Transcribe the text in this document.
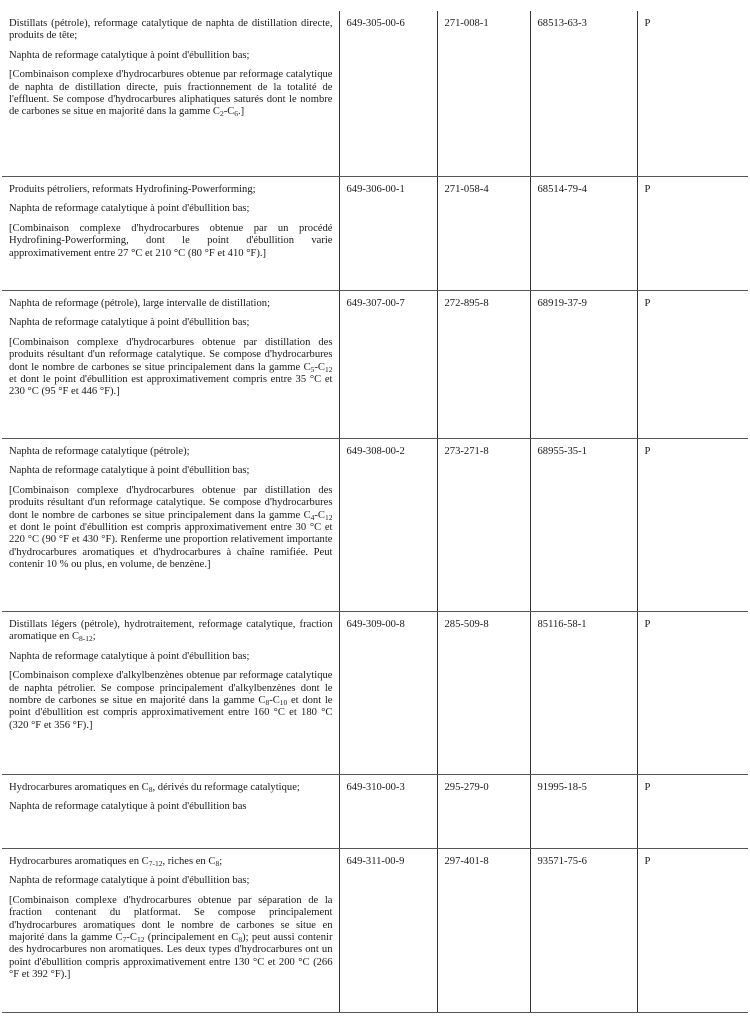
Distillats (pétrole), reformage catalytique de naphta de distillation directe, produits de tête;

Naphta de reformage catalytique à point d'ébullition bas;

[Combinaison complexe d'hydrocarbures obtenue par reformage catalytique de naphta de distillation directe, puis fractionnement de la totalité de l'effluent. Se compose d'hydrocarbures aliphatiques saturés dont le nombre de carbones se situe en majorité dans la gamme $C_2-C_6$.]	649-305-00-6	271-008-1	68513-63-3	P

Produits pétroliers, reformats Hydrofining-Powerforming;

Naphta de reformage catalytique à point d'ébullition bas;

[Combinaison complexe d'hydrocarbures obtenue par un procédé Hydrofining-Powerforming, dont le point d'ébullition varie approximativement entre 27 °C et 210 °C (80 °F et 410 °F).]	649-306-00-1	271-058-4	68514-79-4	P

Naphta de reformage (pétrole), large intervalle de distillation;

Naphta de reformage catalytique à point d'ébullition bas;

[Combinaison complexe d'hydrocarbures obtenue par distillation des produits résultant d'un reformage catalytique. Se compose d'hydrocarbures dont le nombre de carbones se situe principalement dans la gamme $C_5-C_{12}$ et dont le point d'ébullition est approximativement compris entre 35 °C et 230 °C (95 °F et 446 °F).]	649-307-00-7	272-895-8	68919-37-9	P

Naphta de reformage catalytique (pétrole);

Naphta de reformage catalytique à point d'ébullition bas;

[Combinaison complexe d'hydrocarbures obtenue par distillation des produits résultant d'un reformage catalytique. Se compose d'hydrocarbures dont le nombre de carbones se situe principalement dans la gamme $C_4-C_{12}$ et dont le point d'ébullition est compris approximativement entre 30 °C et 220 °C (90 °F et 430 °F). Renferme une proportion relativement importante d'hydrocarbures aromatiques et d'hydrocarbures à chaîne ramifiée. Peut contenir 10 % ou plus, en volume, de benzène.]	649-308-00-2	273-271-8	68955-35-1	P

Distillats légers (pétrole), hydrotraitement, reformage catalytique, fraction aromatique en $C_{8-12}$;

Naphta de reformage catalytique à point d'ébullition bas;

[Combinaison complexe d'alkylbenzènes obtenue par reformage catalytique de naphta pétrolier. Se compose principalement d'alkylbenzènes dont le nombre de carbones se situe en majorité dans la gamme $C_8-C_{10}$ et dont le point d'ébullition est compris approximativement entre 160 °C et 180 °C (320 °F et 356 °F).]	649-309-00-8	285-509-8	85116-58-1	P

Hydrocarbures aromatiques en $C_8$, dérivés du reformage catalytique;

Naphta de reformage catalytique à point d'ébullition bas	649-310-00-3	295-279-0	91995-18-5	P

Hydrocarbures aromatiques en $C_{7-12}$, riches en $C_8$;

Naphta de reformage catalytique à point d'ébullition bas;

[Combinaison complexe d'hydrocarbures obtenue par séparation de la fraction contenant du platformat. Se compose principalement d'hydrocarbures aromatiques dont le nombre de carbones se situe en majorité dans la gamme $C_7-C_{12}$ (principalement en $C_8$); peut aussi contenir des hydrocarbures non aromatiques. Les deux types d'hydrocarbures ont un point d'ébullition compris approximativement entre 130 °C et 200 °C (266 °F et 392 °F).]	649-311-00-9	297-401-8	93571-75-6	P
